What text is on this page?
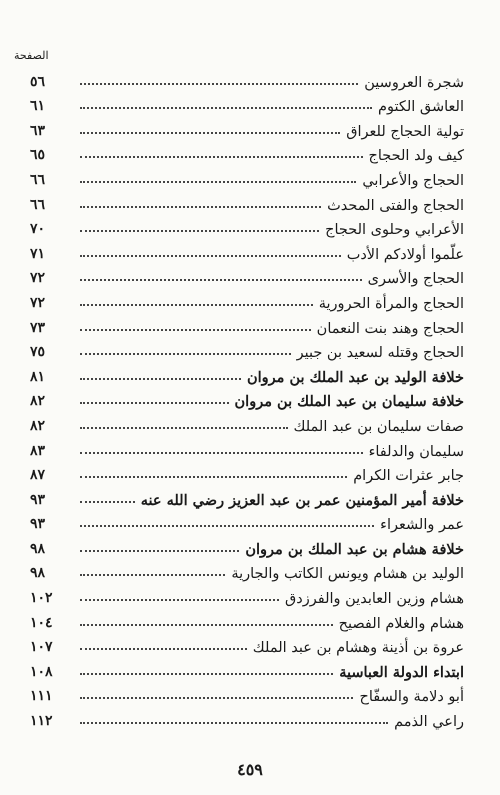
الصفحة
٥٦	شجرة العروسين
٦١	العاشق الكتوم
٦٣	تولية الحجاج للعراق
٦٥	كيف ولد الحجاج
٦٦	الحجاج والأعرابي
٦٦	الحجاج والفتى المحدث
٧٠	الأعرابي وحلوى الحجاج
٧١	علّموا أولادكم الأدب
٧٢	الحجاج والأسرى
٧٢	الحجاج والمرأة الحرورية
٧٣	الحجاج وهند بنت النعمان
٧٥	الحجاج وقتله لسعيد بن جبير
٨١	خلافة الوليد بن عبد الملك بن مروان
٨٢	خلافة سليمان بن عبد الملك بن مروان
٨٢	صفات سليمان بن عبد الملك
٨٣	سليمان والدلفاء
٨٧	جابر عثرات الكرام
٩٣	خلافة أمير المؤمنين عمر بن عبد العزيز رضي الله عنه
٩٣	عمر والشعراء
٩٨	خلافة هشام بن عبد الملك بن مروان
٩٨	الوليد بن هشام ويونس الكاتب والجارية
١٠٢	هشام وزين العابدين والفرزدق
١٠٤	هشام والغلام الفصيح
١٠٧	عروة بن أذينة وهشام بن عبد الملك
١٠٨	ابتداء الدولة العباسية
١١١	أبو دلامة والسفّاح
١١٢	راعي الذمم
٤٥٩
